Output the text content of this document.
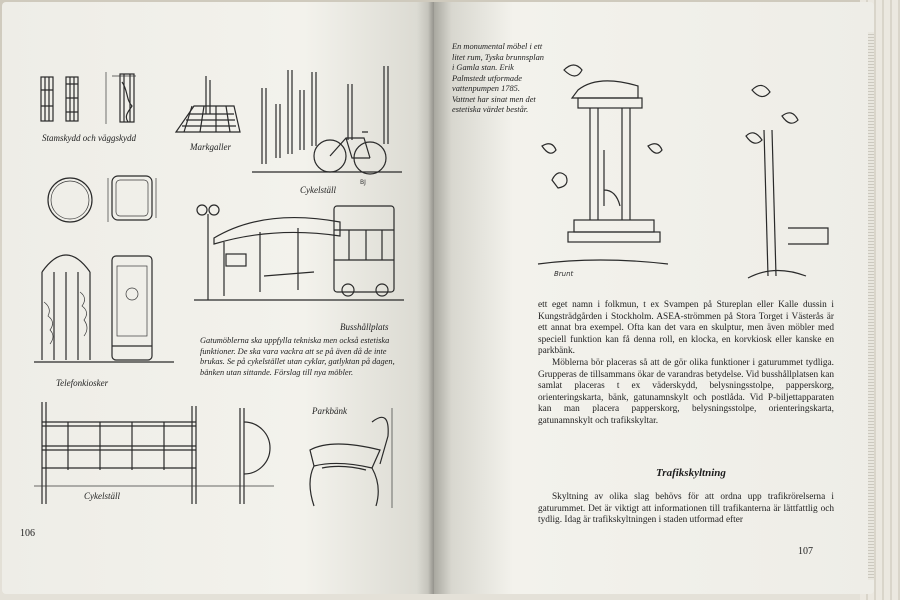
Stamskydd och väggskydd
Markgaller
BJ
Cykelställ
Telefonkiosker
Busshållplats
Gatumöblerna ska uppfylla tekniska men också estetiska funktioner. De ska vara vackra att se på även då de inte brukas. Se på cykelstället utan cyklar, gatlyktan på dagen, bänken utan sittande. Förslag till nya möbler.
Cykelställ
Parkbänk
106
En monumental möbel i ett litet rum, Tyska brunnsplan i Gamla stan. Erik Palmstedt utformade vattenpumpen 1785. Vattnet har sinat men det estetiska värdet består.
Brunt

ett eget namn i folkmun, t ex Svampen på Stureplan eller Kalle dussin i Kungsträdgården i Stockholm. ASEA-strömmen på Stora Torget i Västerås är ett annat bra exempel. Ofta kan det vara en skulptur, men även möbler med speciell funktion kan få denna roll, en klocka, en korvkiosk eller kanske en parkbänk.

Möblerna bör placeras så att de gör olika funktioner i gaturummet tydliga. Grupperas de tillsammans ökar de varandras betydelse. Vid busshållplatsen kan samlat placeras t ex väderskydd, belysningsstolpe, papperskorg, orienteringskarta, bänk, gatunamnskylt och postlåda. Vid P-biljettapparaten kan man placera papperskorg, belysningsstolpe, orienteringskarta, gatunamnskylt och trafikskyltar.

Trafikskyltning

Skyltning av olika slag behövs för att ordna upp trafikrörelserna i gaturummet. Det är viktigt att informationen till trafikanterna är lättfattlig och tydlig. Idag är trafikskyltningen i staden utformad efter

107
